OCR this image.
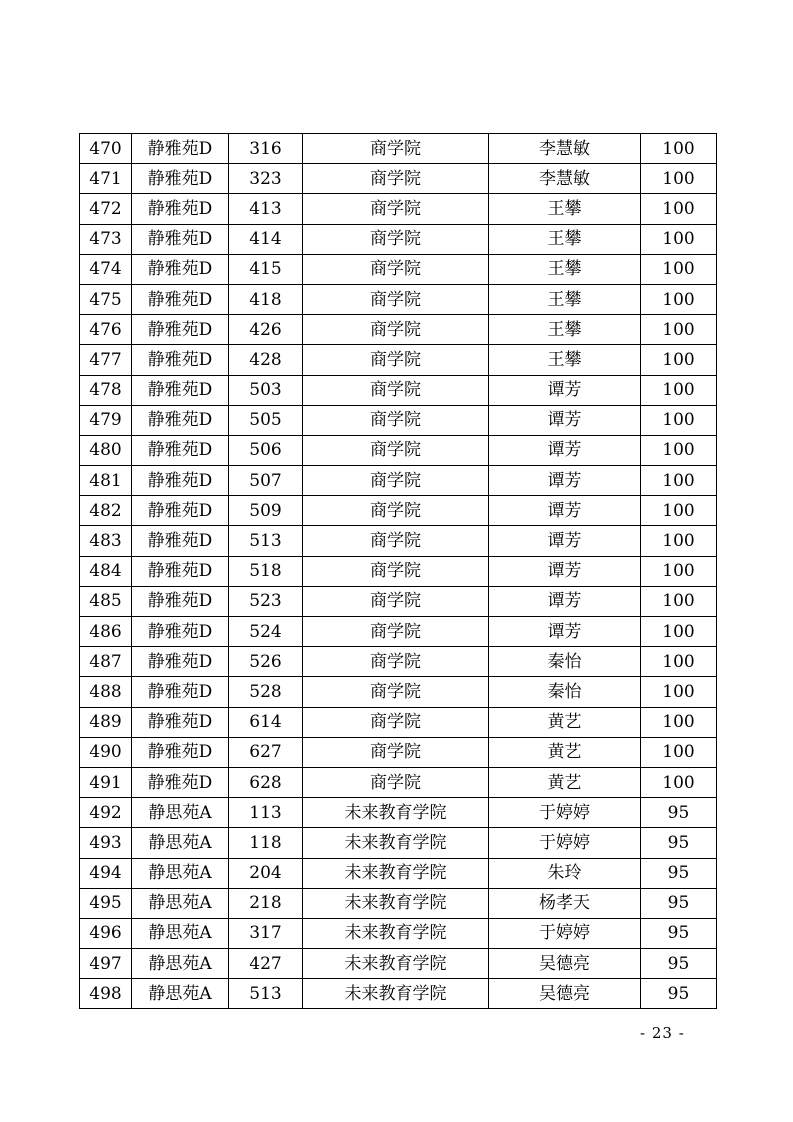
470	静雅苑D	316	商学院	李慧敏	100
471	静雅苑D	323	商学院	李慧敏	100
472	静雅苑D	413	商学院	王攀	100
473	静雅苑D	414	商学院	王攀	100
474	静雅苑D	415	商学院	王攀	100
475	静雅苑D	418	商学院	王攀	100
476	静雅苑D	426	商学院	王攀	100
477	静雅苑D	428	商学院	王攀	100
478	静雅苑D	503	商学院	谭芳	100
479	静雅苑D	505	商学院	谭芳	100
480	静雅苑D	506	商学院	谭芳	100
481	静雅苑D	507	商学院	谭芳	100
482	静雅苑D	509	商学院	谭芳	100
483	静雅苑D	513	商学院	谭芳	100
484	静雅苑D	518	商学院	谭芳	100
485	静雅苑D	523	商学院	谭芳	100
486	静雅苑D	524	商学院	谭芳	100
487	静雅苑D	526	商学院	秦怡	100
488	静雅苑D	528	商学院	秦怡	100
489	静雅苑D	614	商学院	黄艺	100
490	静雅苑D	627	商学院	黄艺	100
491	静雅苑D	628	商学院	黄艺	100
492	静思苑A	113	未来教育学院	于婷婷	95
493	静思苑A	118	未来教育学院	于婷婷	95
494	静思苑A	204	未来教育学院	朱玲	95
495	静思苑A	218	未来教育学院	杨孝天	95
496	静思苑A	317	未来教育学院	于婷婷	95
497	静思苑A	427	未来教育学院	吴德亮	95
498	静思苑A	513	未来教育学院	吴德亮	95
- 23 -
